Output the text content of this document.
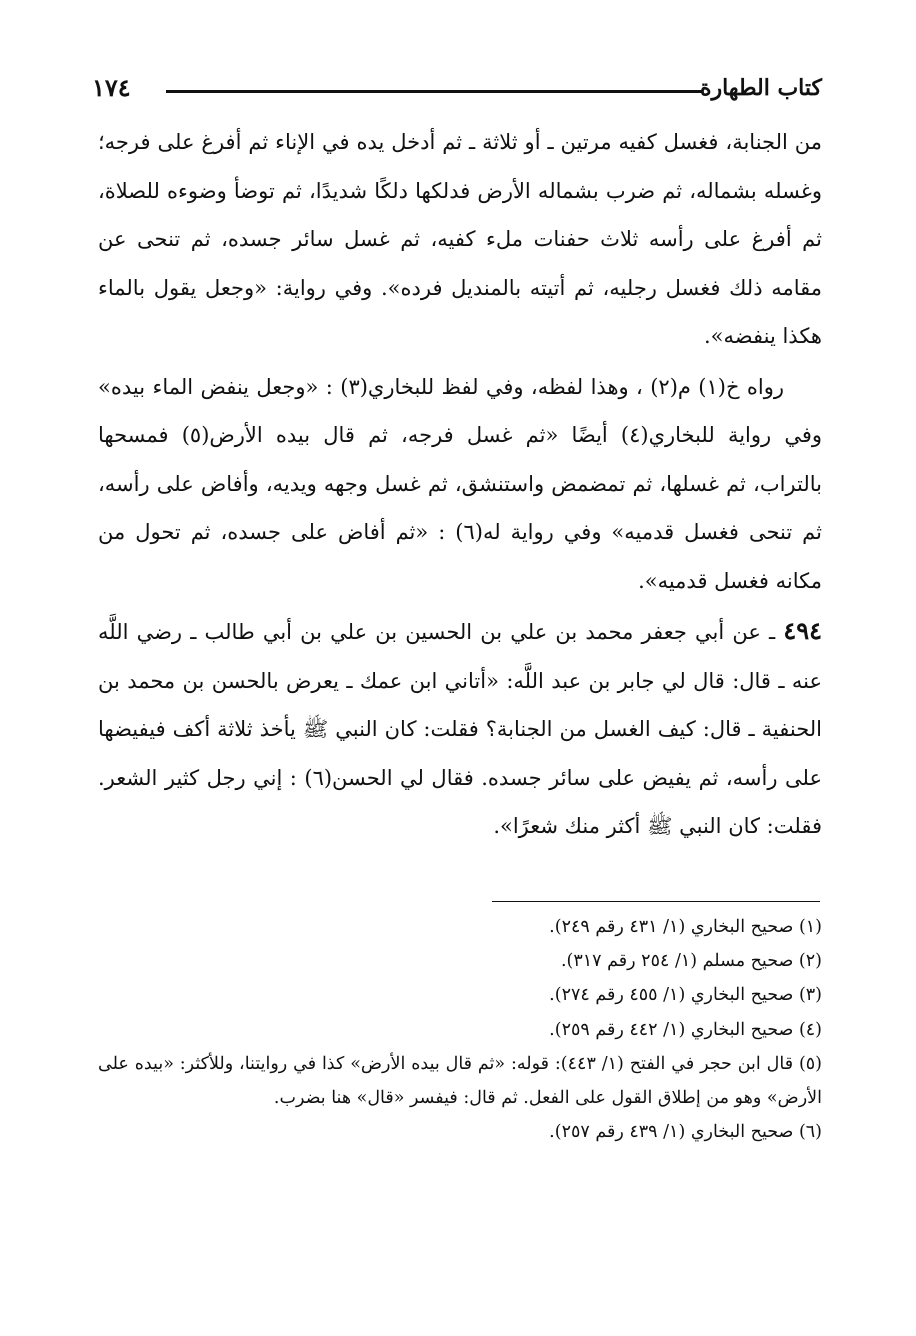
كتاب الطهارة
١٧٤

من الجنابة، فغسل كفيه مرتين ـ أو ثلاثة ـ ثم أدخل يده في الإناء ثم أفرغ على فرجه؛ وغسله بشماله، ثم ضرب بشماله الأرض فدلكها دلكًا شديدًا، ثم توضأ وضوءه للصلاة، ثم أفرغ على رأسه ثلاث حفنات ملء كفيه، ثم غسل سائر جسده، ثم تنحى عن مقامه ذلك فغسل رجليه، ثم أتيته بالمنديل فرده». وفي رواية: «وجعل يقول بالماء هكذا ينفضه».

رواه خ(١) م(٢) ، وهذا لفظه، وفي لفظ للبخاري(٣) : «وجعل ينفض الماء بيده» وفي رواية للبخاري(٤) أيضًا «ثم غسل فرجه، ثم قال بيده الأرض(٥) فمسحها بالتراب، ثم غسلها، ثم تمضمض واستنشق، ثم غسل وجهه ويديه، وأفاض على رأسه، ثم تنحى فغسل قدميه» وفي رواية له(٦) : «ثم أفاض على جسده، ثم تحول من مكانه فغسل قدميه».

٤٩٤ ـ عن أبي جعفر محمد بن علي بن الحسين بن علي بن أبي طالب ـ رضي اللَّه عنه ـ قال: قال لي جابر بن عبد اللَّه: «أتاني ابن عمك ـ يعرض بالحسن بن محمد بن الحنفية ـ قال: كيف الغسل من الجنابة؟ فقلت: كان النبي ﷺ يأخذ ثلاثة أكف فيفيضها على رأسه، ثم يفيض على سائر جسده. فقال لي الحسن(٦) : إني رجل كثير الشعر. فقلت: كان النبي ﷺ أكثر منك شعرًا».

(١) صحيح البخاري (١/ ٤٣١ رقم ٢٤٩).

(٢) صحيح مسلم (١/ ٢٥٤ رقم ٣١٧).

(٣) صحيح البخاري (١/ ٤٥٥ رقم ٢٧٤).

(٤) صحيح البخاري (١/ ٤٤٢ رقم ٢٥٩).

(٥) قال ابن حجر في الفتح (١/ ٤٤٣): قوله: «ثم قال بيده الأرض» كذا في روايتنا، وللأكثر: «بيده على الأرض» وهو من إطلاق القول على الفعل. ثم قال: فيفسر «قال» هنا بضرب.

(٦) صحيح البخاري (١/ ٤٣٩ رقم ٢٥٧).
